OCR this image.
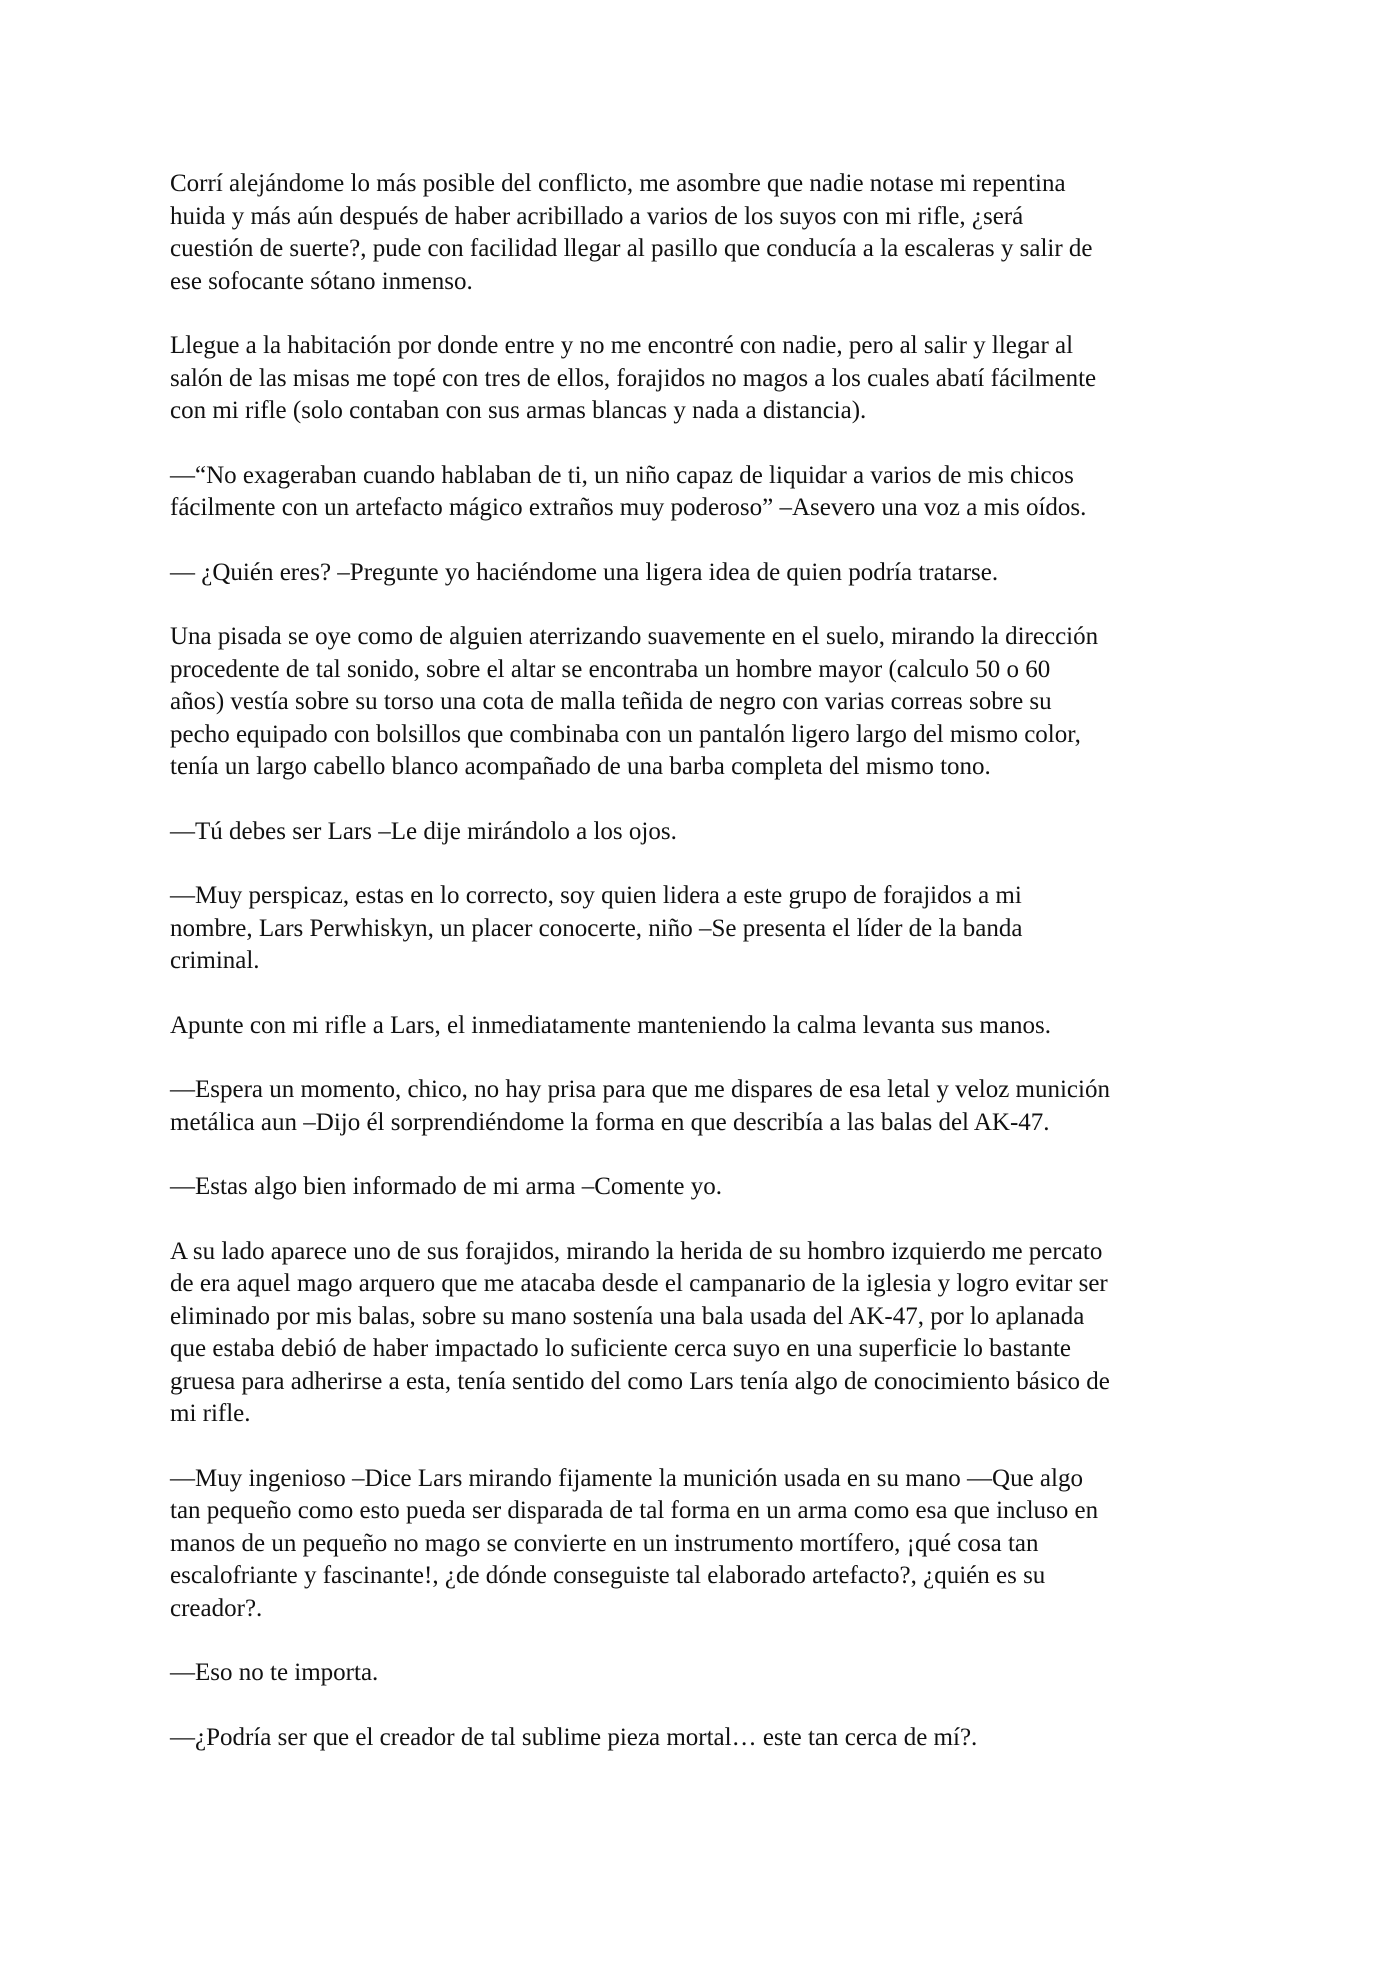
Corrí alejándome lo más posible del conflicto, me asombre que nadie notase mi repentina
huida y más aún después de haber acribillado a varios de los suyos con mi rifle, ¿será
cuestión de suerte?, pude con facilidad llegar al pasillo que conducía a la escaleras y salir de
ese sofocante sótano inmenso.

Llegue a la habitación por donde entre y no me encontré con nadie, pero al salir y llegar al
salón de las misas me topé con tres de ellos, forajidos no magos a los cuales abatí fácilmente
con mi rifle (solo contaban con sus armas blancas y nada a distancia).

—“No exageraban cuando hablaban de ti, un niño capaz de liquidar a varios de mis chicos
fácilmente con un artefacto mágico extraños muy poderoso” –Asevero una voz a mis oídos.

— ¿Quién eres? –Pregunte yo haciéndome una ligera idea de quien podría tratarse.

Una pisada se oye como de alguien aterrizando suavemente en el suelo, mirando la dirección
procedente de tal sonido, sobre el altar se encontraba un hombre mayor (calculo 50 o 60
años) vestía sobre su torso una cota de malla teñida de negro con varias correas sobre su
pecho equipado con bolsillos que combinaba con un pantalón ligero largo del mismo color,
tenía un largo cabello blanco acompañado de una barba completa del mismo tono.

—Tú debes ser Lars –Le dije mirándolo a los ojos.

—Muy perspicaz, estas en lo correcto, soy quien lidera a este grupo de forajidos a mi
nombre, Lars Perwhiskyn, un placer conocerte, niño –Se presenta el líder de la banda
criminal.

Apunte con mi rifle a Lars, el inmediatamente manteniendo la calma levanta sus manos.

—Espera un momento, chico, no hay prisa para que me dispares de esa letal y veloz munición
metálica aun –Dijo él sorprendiéndome la forma en que describía a las balas del AK-47.

—Estas algo bien informado de mi arma –Comente yo.

A su lado aparece uno de sus forajidos, mirando la herida de su hombro izquierdo me percato
de era aquel mago arquero que me atacaba desde el campanario de la iglesia y logro evitar ser
eliminado por mis balas, sobre su mano sostenía una bala usada del AK-47, por lo aplanada
que estaba debió de haber impactado lo suficiente cerca suyo en una superficie lo bastante
gruesa para adherirse a esta, tenía sentido del como Lars tenía algo de conocimiento básico de
mi rifle.

—Muy ingenioso –Dice Lars mirando fijamente la munición usada en su mano —Que algo
tan pequeño como esto pueda ser disparada de tal forma en un arma como esa que incluso en
manos de un pequeño no mago se convierte en un instrumento mortífero, ¡qué cosa tan
escalofriante y fascinante!, ¿de dónde conseguiste tal elaborado artefacto?, ¿quién es su
creador?.

—Eso no te importa.

—¿Podría ser que el creador de tal sublime pieza mortal… este tan cerca de mí?.
